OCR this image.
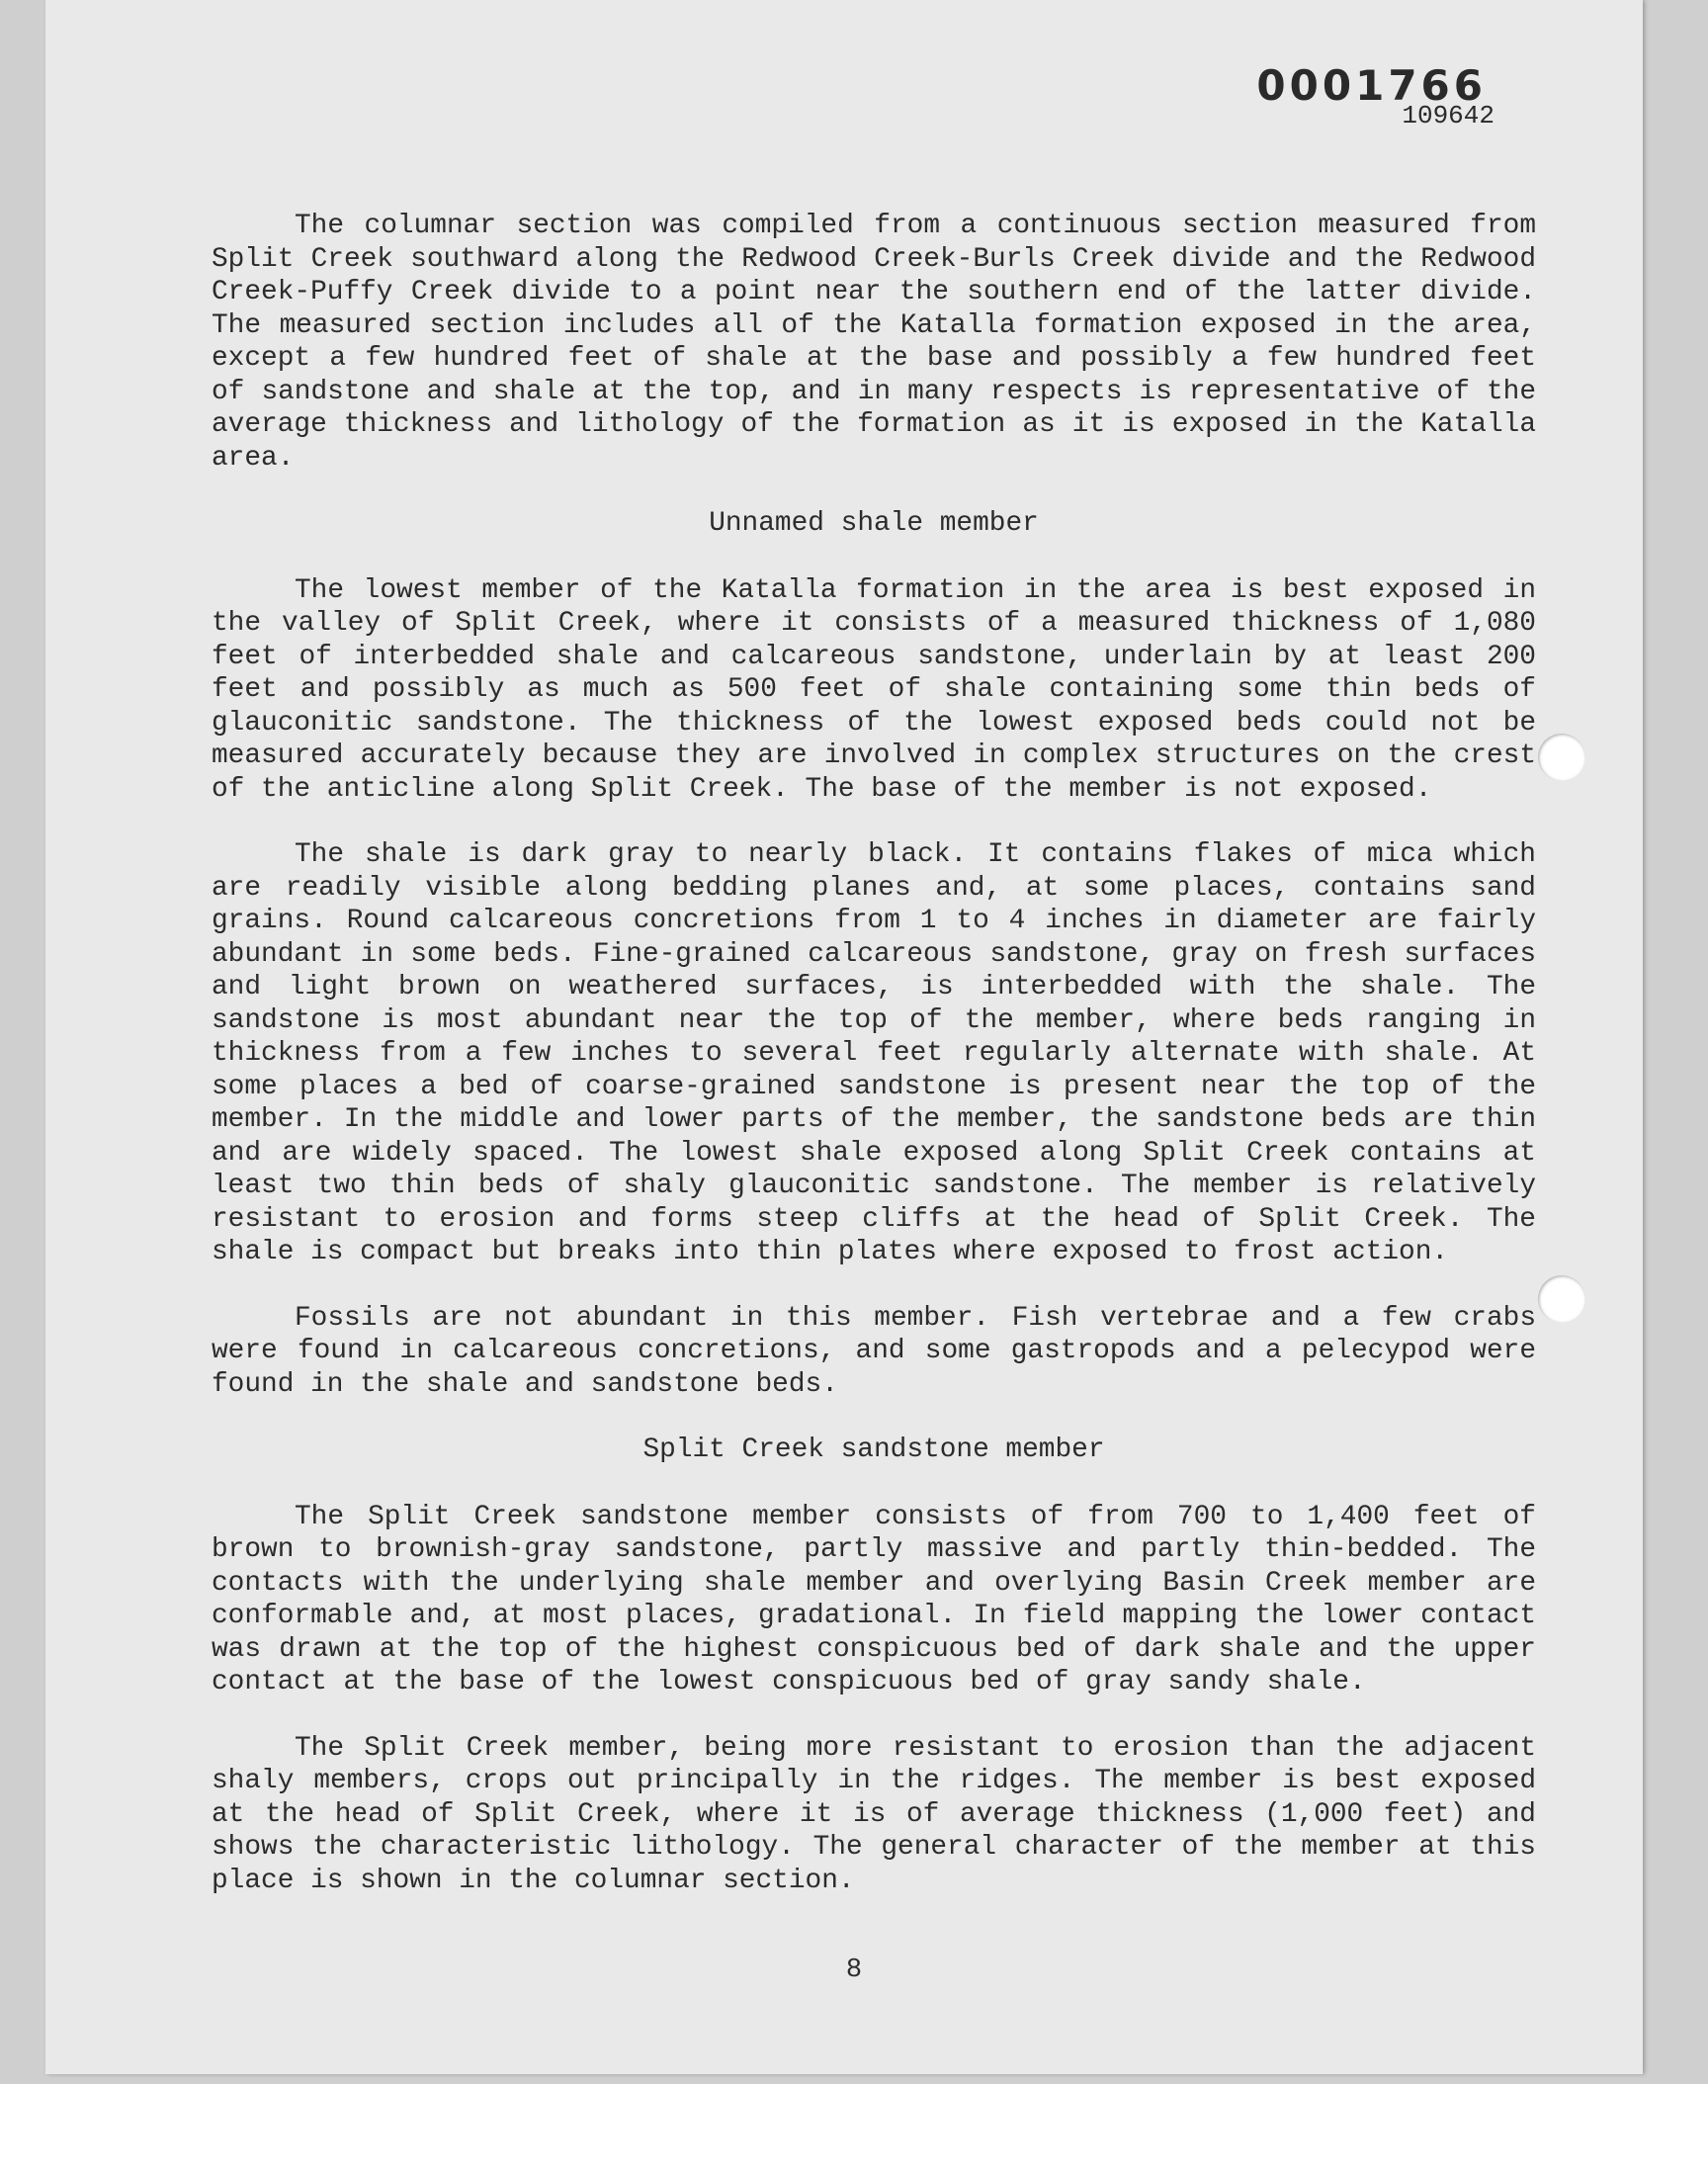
0001766
109642

The columnar section was compiled from a continuous section measured from Split Creek southward along the Redwood Creek-Burls Creek divide and the Redwood Creek-Puffy Creek divide to a point near the southern end of the latter divide. The measured section includes all of the Katalla formation exposed in the area, except a few hundred feet of shale at the base and possibly a few hundred feet of sandstone and shale at the top, and in many respects is representative of the average thickness and lithology of the formation as it is exposed in the Katalla area.

Unnamed shale member

The lowest member of the Katalla formation in the area is best exposed in the valley of Split Creek, where it consists of a measured thickness of 1,080 feet of interbedded shale and calcareous sandstone, underlain by at least 200 feet and possibly as much as 500 feet of shale containing some thin beds of glauconitic sandstone. The thickness of the lowest exposed beds could not be measured accurately because they are involved in complex structures on the crest of the anticline along Split Creek. The base of the member is not exposed.

The shale is dark gray to nearly black. It contains flakes of mica which are readily visible along bedding planes and, at some places, contains sand grains. Round calcareous concretions from 1 to 4 inches in diameter are fairly abundant in some beds. Fine-grained calcareous sandstone, gray on fresh surfaces and light brown on weathered surfaces, is interbedded with the shale. The sandstone is most abundant near the top of the member, where beds ranging in thickness from a few inches to several feet regularly alternate with shale. At some places a bed of coarse-grained sandstone is present near the top of the member. In the middle and lower parts of the member, the sandstone beds are thin and are widely spaced. The lowest shale exposed along Split Creek contains at least two thin beds of shaly glauconitic sandstone. The member is relatively resistant to erosion and forms steep cliffs at the head of Split Creek. The shale is compact but breaks into thin plates where exposed to frost action.

Fossils are not abundant in this member. Fish vertebrae and a few crabs were found in calcareous concretions, and some gastropods and a pelecypod were found in the shale and sandstone beds.

Split Creek sandstone member

The Split Creek sandstone member consists of from 700 to 1,400 feet of brown to brownish-gray sandstone, partly massive and partly thin-bedded. The contacts with the underlying shale member and overlying Basin Creek member are conformable and, at most places, gradational. In field mapping the lower contact was drawn at the top of the highest conspicuous bed of dark shale and the upper contact at the base of the lowest conspicuous bed of gray sandy shale.

The Split Creek member, being more resistant to erosion than the adjacent shaly members, crops out principally in the ridges. The member is best exposed at the head of Split Creek, where it is of average thickness (1,000 feet) and shows the characteristic lithology. The general character of the member at this place is shown in the columnar section.

8
